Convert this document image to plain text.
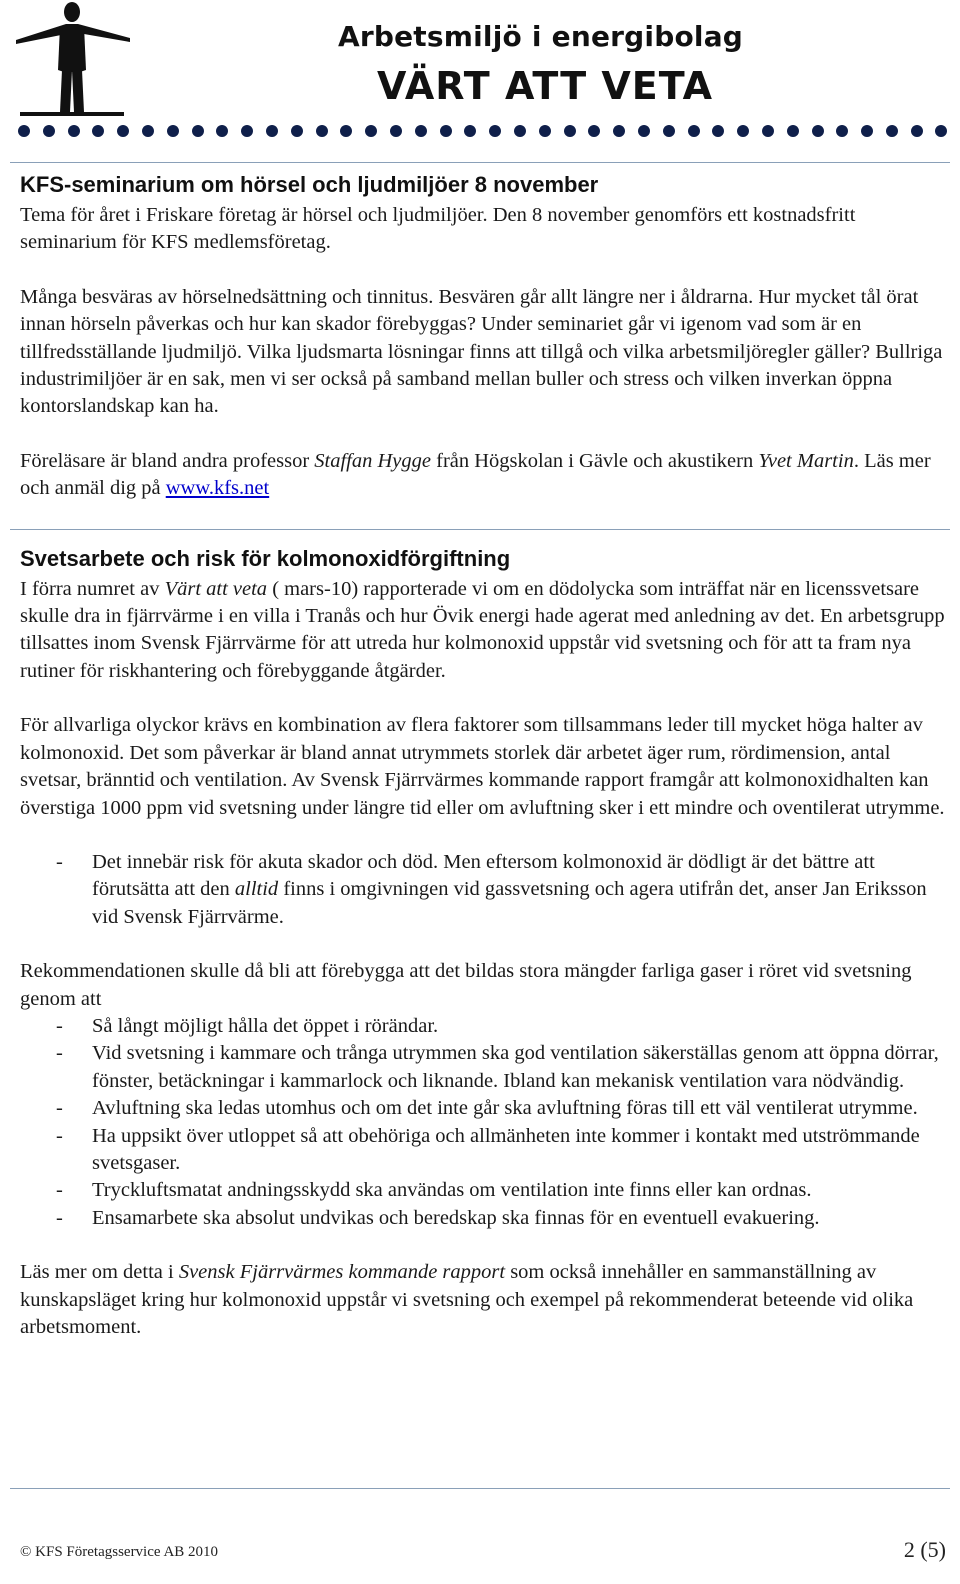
Arbetsmiljö i energibolag
VÄRT ATT VETA
KFS-seminarium om hörsel och ljudmiljöer 8 november

Tema för året i Friskare företag är hörsel och ljudmiljöer. Den 8 november genomförs ett kostnadsfritt seminarium för KFS medlemsföretag.

Många besväras av hörselnedsättning och tinnitus. Besvären går allt längre ner i åldrarna. Hur mycket tål örat innan hörseln påverkas och hur kan skador förebyggas? Under seminariet går vi igenom vad som är en tillfredsställande ljudmiljö. Vilka ljudsmarta lösningar finns att tillgå och vilka arbetsmiljöregler gäller? Bullriga industrimiljöer är en sak, men vi ser också på samband mellan buller och stress och vilken inverkan öppna kontorslandskap kan ha.

Föreläsare är bland andra professor Staffan Hygge från Högskolan i Gävle och akustikern Yvet Martin. Läs mer och anmäl dig på www.kfs.net

Svetsarbete och risk för kolmonoxidförgiftning

I förra numret av Värt att veta ( mars-10) rapporterade vi om en dödolycka som inträffat när en licenssvetsare skulle dra in fjärrvärme i en villa i Tranås och hur Övik energi hade agerat med anledning av det. En arbetsgrupp tillsattes inom Svensk Fjärrvärme för att utreda hur kolmonoxid uppstår vid svetsning och för att ta fram nya rutiner för riskhantering och förebyggande åtgärder.

För allvarliga olyckor krävs en kombination av flera faktorer som tillsammans leder till mycket höga halter av kolmonoxid. Det som påverkar är bland annat utrymmets storlek där arbetet äger rum, rördimension, antal svetsar, bränntid och ventilation. Av Svensk Fjärrvärmes kommande rapport framgår att kolmonoxidhalten kan överstiga 1000 ppm vid svetsning under längre tid eller om avluftning sker i ett mindre och oventilerat utrymme.

- Det innebär risk för akuta skador och död. Men eftersom kolmonoxid är dödligt är det bättre att förutsätta att den alltid finns i omgivningen vid gassvetsning och agera utifrån det, anser Jan Eriksson vid Svensk Fjärrvärme.

Rekommendationen skulle då bli att förebygga att det bildas stora mängder farliga gaser i röret vid svetsning genom att

- Så långt möjligt hålla det öppet i rörändar.
- Vid svetsning i kammare och trånga utrymmen ska god ventilation säkerställas genom att öppna dörrar, fönster, betäckningar i kammarlock och liknande. Ibland kan mekanisk ventilation vara nödvändig.
- Avluftning ska ledas utomhus och om det inte går ska avluftning föras till ett väl ventilerat utrymme.
- Ha uppsikt över utloppet så att obehöriga och allmänheten inte kommer i kontakt med utströmmande svetsgaser.
- Tryckluftsmatat andningsskydd ska användas om ventilation inte finns eller kan ordnas.
- Ensamarbete ska absolut undvikas och beredskap ska finnas för en eventuell evakuering.

Läs mer om detta i Svensk Fjärrvärmes kommande rapport som också innehåller en sammanställning av kunskapsläget kring hur kolmonoxid uppstår vi svetsning och exempel på rekommenderat beteende vid olika arbetsmoment.

© KFS Företagsservice AB 2010	2 (5)
